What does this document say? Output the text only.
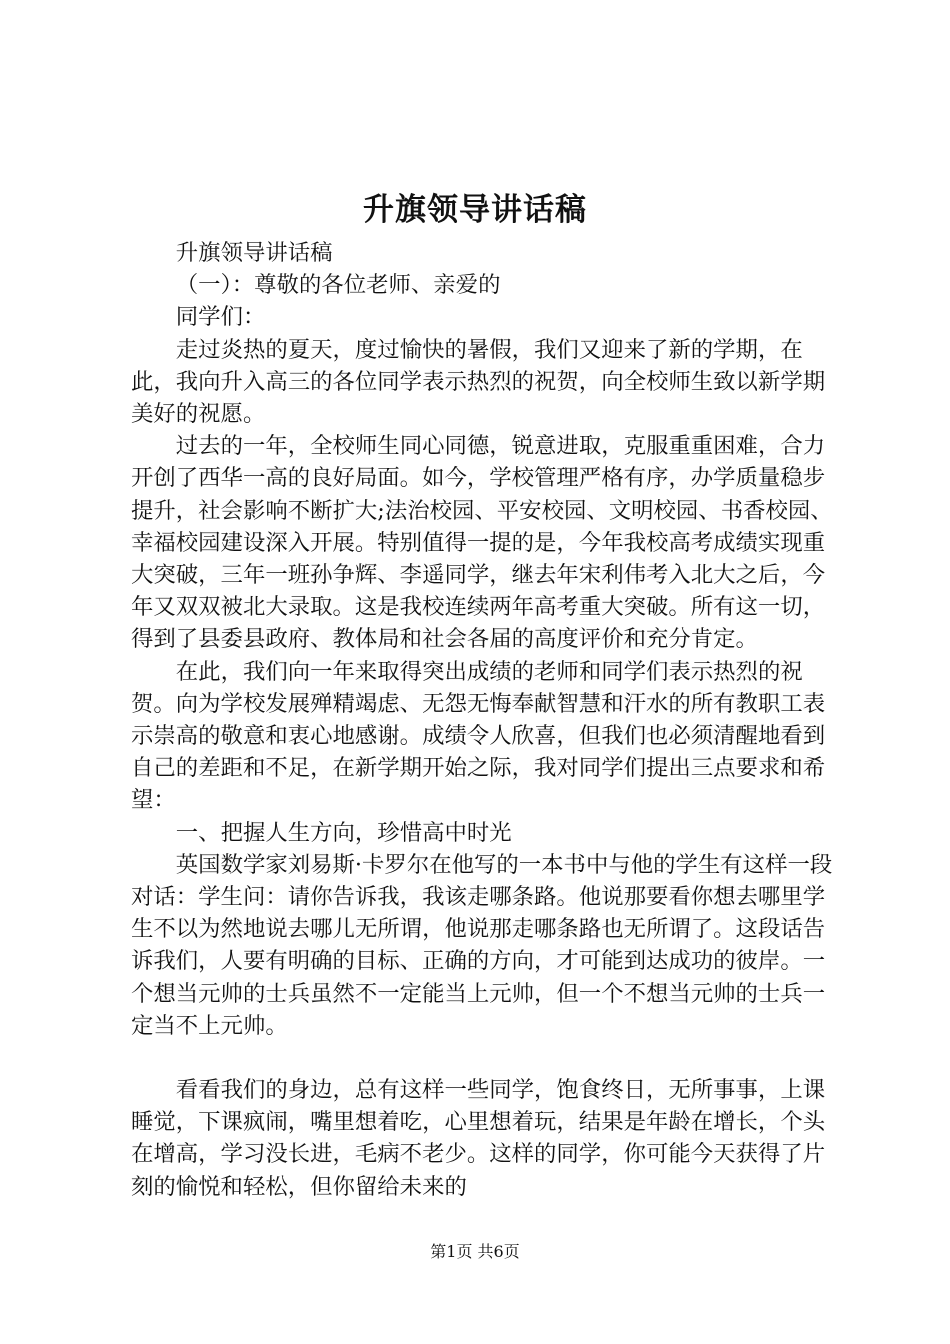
升旗领导讲话稿

升旗领导讲话稿

（一）：尊敬的各位老师、亲爱的

同学们：

走过炎热的夏天，度过愉快的暑假，我们又迎来了新的学期，在此，我向升入高三的各位同学表示热烈的祝贺，向全校师生致以新学期美好的祝愿。

过去的一年，全校师生同心同德，锐意进取，克服重重困难，合力开创了西华一高的良好局面。如今，学校管理严格有序，办学质量稳步提升，社会影响不断扩大;法治校园、平安校园、文明校园、书香校园、幸福校园建设深入开展。特别值得一提的是，今年我校高考成绩实现重大突破，三年一班孙争辉、李遥同学，继去年宋利伟考入北大之后，今年又双双被北大录取。这是我校连续两年高考重大突破。所有这一切，得到了县委县政府、教体局和社会各届的高度评价和充分肯定。

在此，我们向一年来取得突出成绩的老师和同学们表示热烈的祝贺。向为学校发展殚精竭虑、无怨无悔奉献智慧和汗水的所有教职工表示崇高的敬意和衷心地感谢。成绩令人欣喜，但我们也必须清醒地看到自己的差距和不足，在新学期开始之际，我对同学们提出三点要求和希望：

一、把握人生方向，珍惜高中时光

英国数学家刘易斯·卡罗尔在他写的一本书中与他的学生有这样一段对话：学生问：请你告诉我，我该走哪条路。他说那要看你想去哪里学生不以为然地说去哪儿无所谓，他说那走哪条路也无所谓了。这段话告诉我们，人要有明确的目标、正确的方向，才可能到达成功的彼岸。一个想当元帅的士兵虽然不一定能当上元帅，但一个不想当元帅的士兵一定当不上元帅。

看看我们的身边，总有这样一些同学，饱食终日，无所事事，上课睡觉，下课疯闹，嘴里想着吃，心里想着玩，结果是年龄在增长，个头在增高，学习没长进，毛病不老少。这样的同学，你可能今天获得了片刻的愉悦和轻松，但你留给未来的

第1页 共6页
